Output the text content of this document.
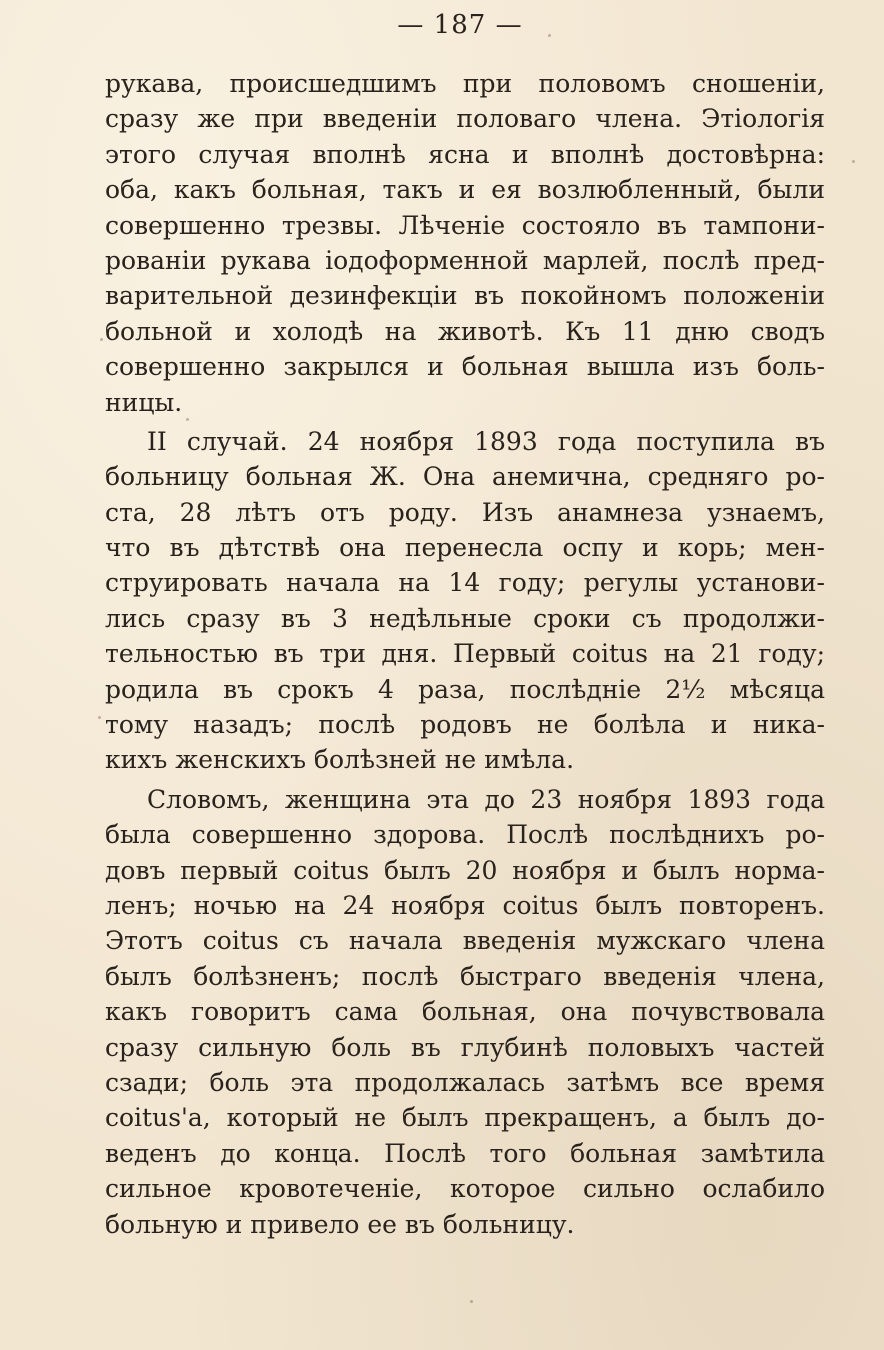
— 187 —
рукава, происшедшимъ при половомъ сношенiи,
сразу же при введенiи половаго члена. Этiологiя
этого случая вполнѣ ясна и вполнѣ достовѣрна:
оба, какъ больная, такъ и ея возлюбленный, были
совершенно трезвы. Лѣченiе состояло въ тампони-
рованiи рукава iодоформенной марлей, послѣ пред-
варительной дезинфекцiи въ покойномъ положенiи
больной и холодѣ на животѣ. Къ 11 дню сводъ
совершенно закрылся и больная вышла изъ боль-
ницы.
II случай. 24 ноября 1893 года поступила въ
больницу больная Ж. Она анемична, средняго ро-
ста, 28 лѣтъ отъ роду. Изъ анамнеза узнаемъ,
что въ дѣтствѣ она перенесла оспу и корь; мен-
струировать начала на 14 году; регулы установи-
лись сразу въ 3 недѣльные сроки съ продолжи-
тельностью въ три дня. Первый coitus на 21 году;
родила въ срокъ 4 раза, послѣднiе 2½ мѣсяца
тому назадъ; послѣ родовъ не болѣла и ника-
кихъ женскихъ болѣзней не имѣла.
Словомъ, женщина эта до 23 ноября 1893 года
была совершенно здорова. Послѣ послѣднихъ ро-
довъ первый coitus былъ 20 ноября и былъ нормa-
ленъ; ночью на 24 ноября coitus былъ повторенъ.
Этотъ coitus съ начала введенiя мужскаго члена
былъ болѣзненъ; послѣ быстраго введенiя члена,
какъ говоритъ сама больная, она почувствовала
сразу сильную боль въ глубинѣ половыхъ частей
сзади; боль эта продолжалась затѣмъ все время
coitus'a, который не былъ прекращенъ, а былъ до-
веденъ до конца. Послѣ того больная замѣтила
сильное кровотеченiе, которое сильно ослабило
больную и привело ее въ больницу.
